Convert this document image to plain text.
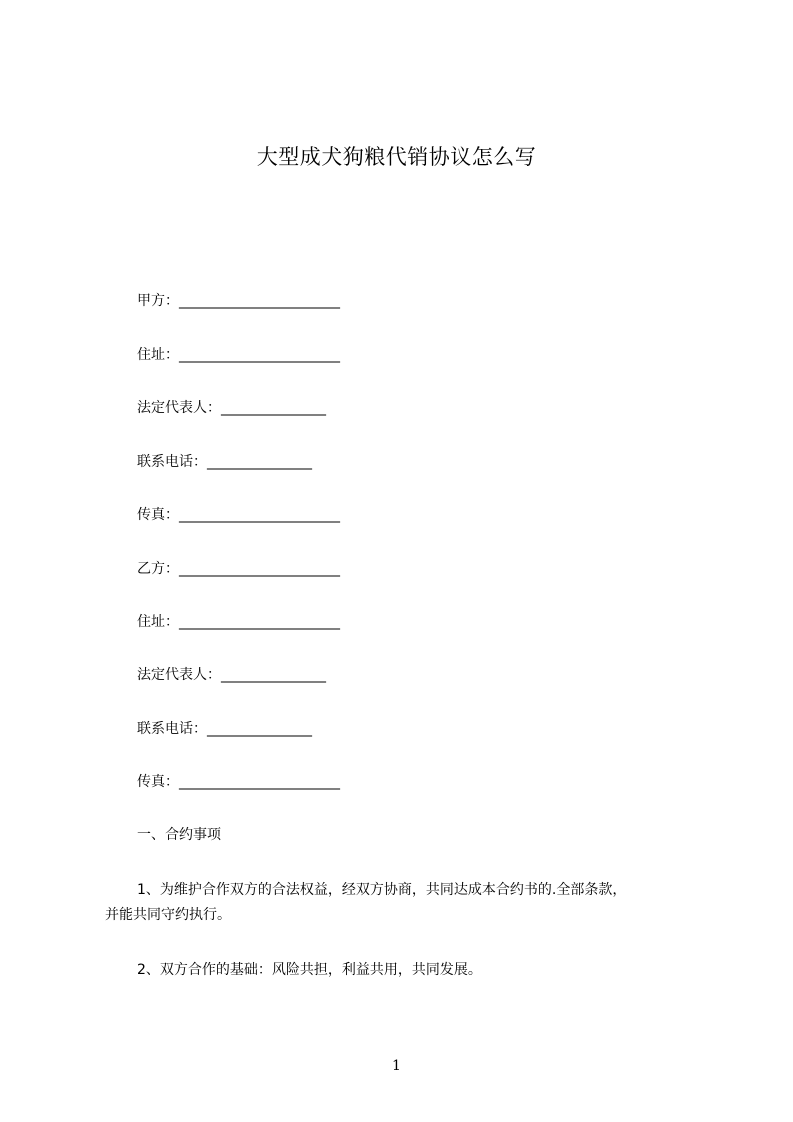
大型成犬狗粮代销协议怎么写
甲方：_______________________
住址：_______________________
法定代表人：_______________
联系电话：_______________
传真：_______________________
乙方：_______________________
住址：_______________________
法定代表人：_______________
联系电话：_______________
传真：_______________________
一、合约事项
1、为维护合作双方的合法权益，经双方协商，共同达成本合约书的.全部条款，
并能共同守约执行。
2、双方合作的基础：风险共担，利益共用，共同发展。
1
